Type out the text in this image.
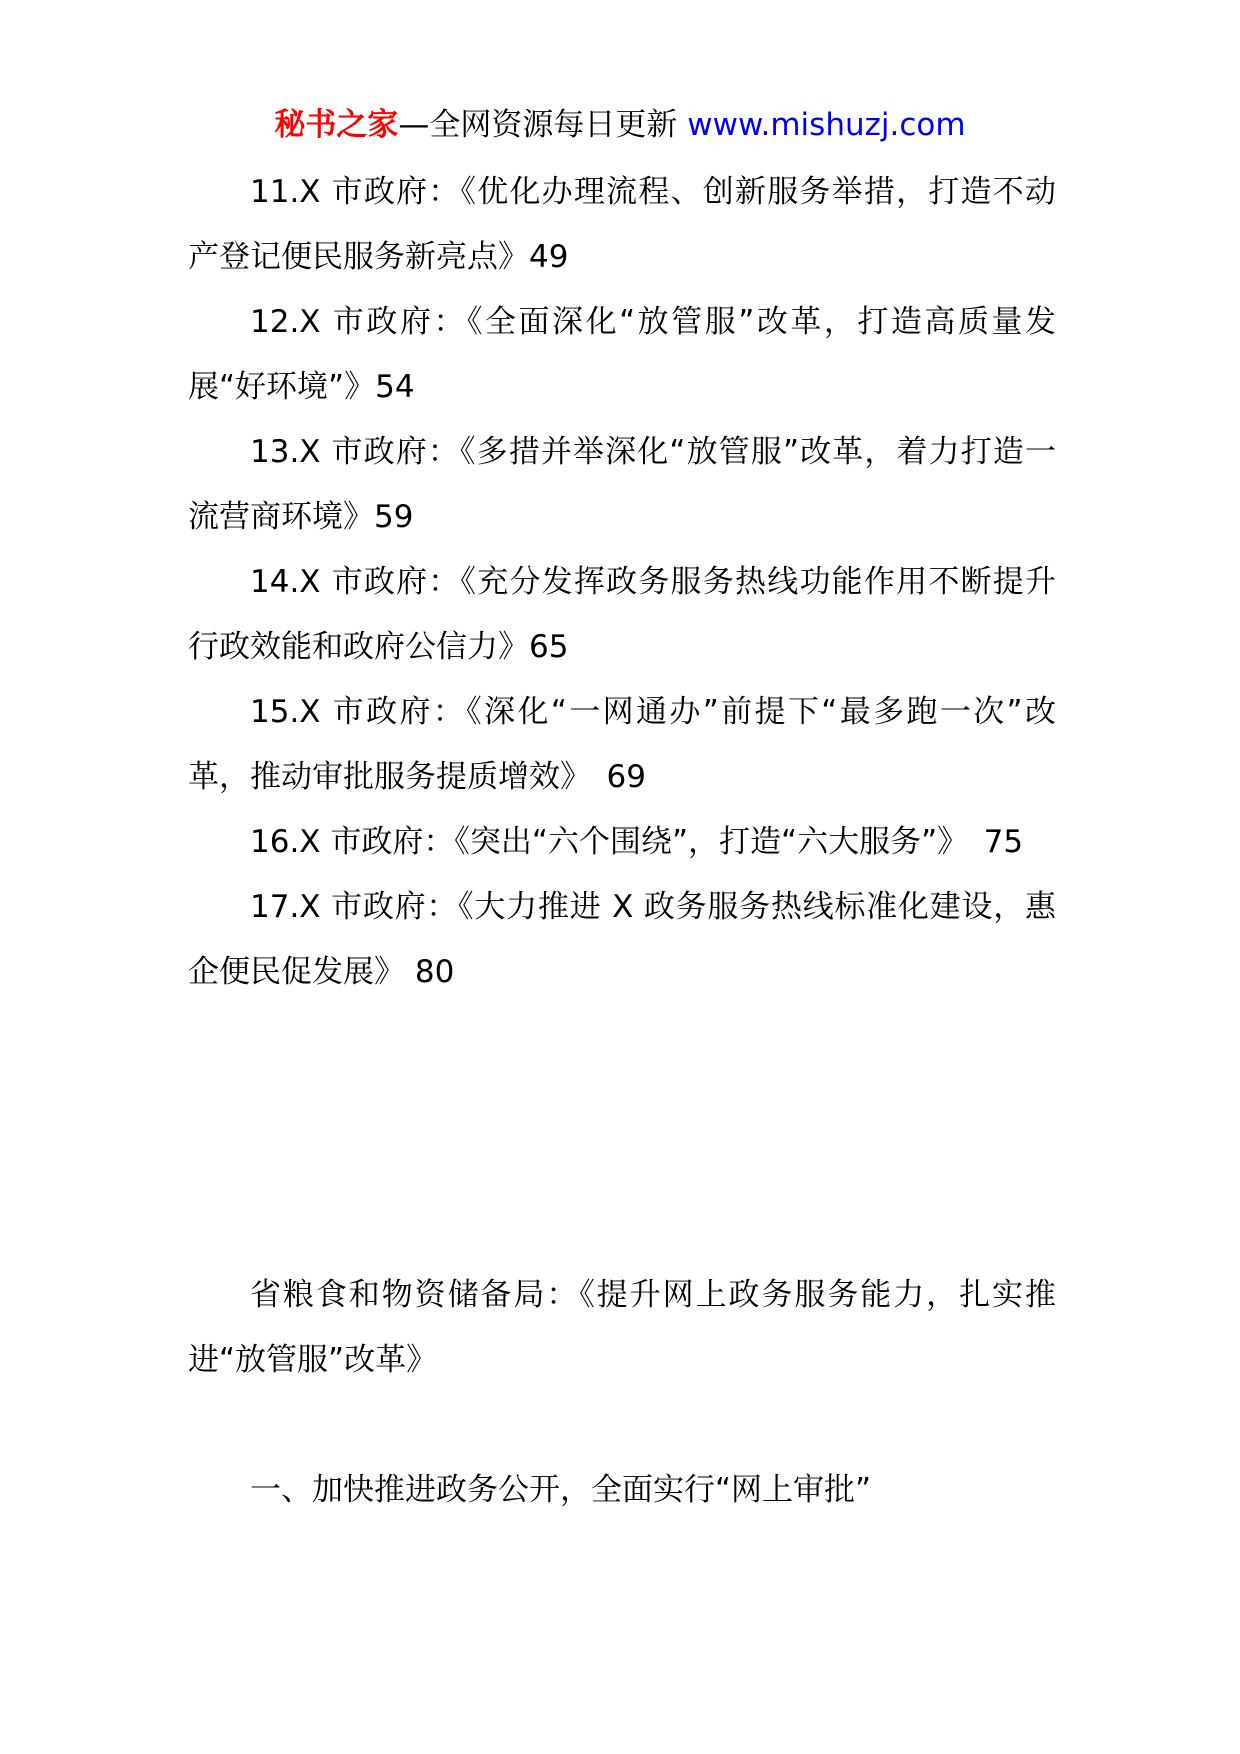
秘书之家—全网资源每日更新 www.mishuzj.com

11.X 市政府：《优化办理流程、创新服务举措，打造不动产登记便民服务新亮点》49

12.X 市政府：《全面深化“放管服”改革，打造高质量发展“好环境”》54

13.X 市政府：《多措并举深化“放管服”改革，着力打造一流营商环境》59

14.X 市政府：《充分发挥政务服务热线功能作用不断提升行政效能和政府公信力》65

15.X 市政府：《深化“一网通办”前提下“最多跑一次”改革，推动审批服务提质增效》　69

16.X 市政府：《突出“六个围绕”，打造“六大服务”》　75

17.X 市政府：《大力推进 X 政务服务热线标准化建设，惠企便民促发展》 80

省粮食和物资储备局：《提升网上政务服务能力，扎实推进“放管服”改革》

一、加快推进政务公开，全面实行“网上审批”
